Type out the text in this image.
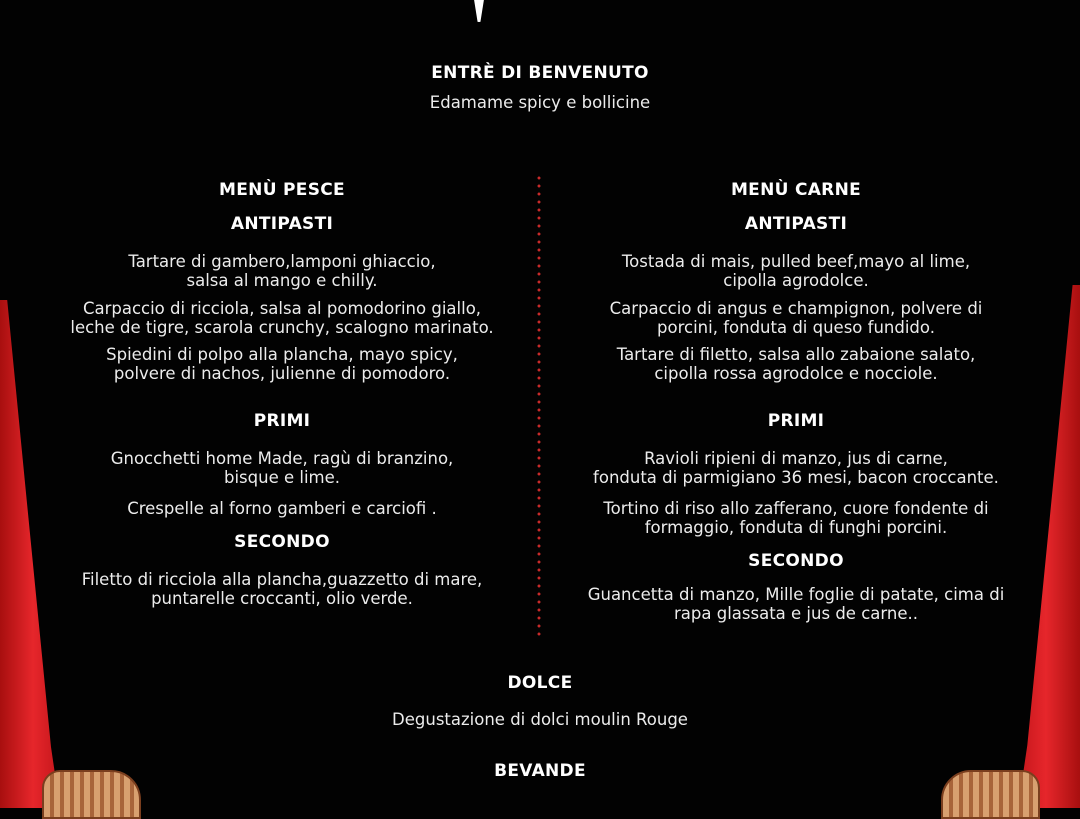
ENTRÈ DI BENVENUTO
Edamame spicy e bollicine
MENÙ PESCE
ANTIPASTI
Tartare di gambero,lamponi ghiaccio,
salsa al mango e chilly.
Carpaccio di ricciola, salsa al pomodorino giallo,
leche de tigre, scarola crunchy, scalogno marinato.
Spiedini di polpo alla plancha, mayo spicy,
polvere di nachos, julienne di pomodoro.
PRIMI
Gnocchetti home Made, ragù di branzino,
bisque e lime.
Crespelle al forno gamberi e carciofi .
SECONDO
Filetto di ricciola alla plancha,guazzetto di mare,
puntarelle croccanti, olio verde.
MENÙ CARNE
ANTIPASTI
Tostada di mais, pulled beef,mayo al lime,
cipolla agrodolce.
Carpaccio di angus e champignon, polvere di
porcini, fonduta di queso fundido.
Tartare di filetto, salsa allo zabaione salato,
cipolla rossa agrodolce e nocciole.
PRIMI
Ravioli ripieni di manzo, jus di carne,
fonduta di parmigiano 36 mesi, bacon croccante.
Tortino di riso allo zafferano, cuore fondente di
formaggio, fonduta di funghi porcini.
SECONDO
Guancetta di manzo, Mille foglie di patate, cima di
rapa glassata e jus de carne..
DOLCE
Degustazione di dolci moulin Rouge
BEVANDE
